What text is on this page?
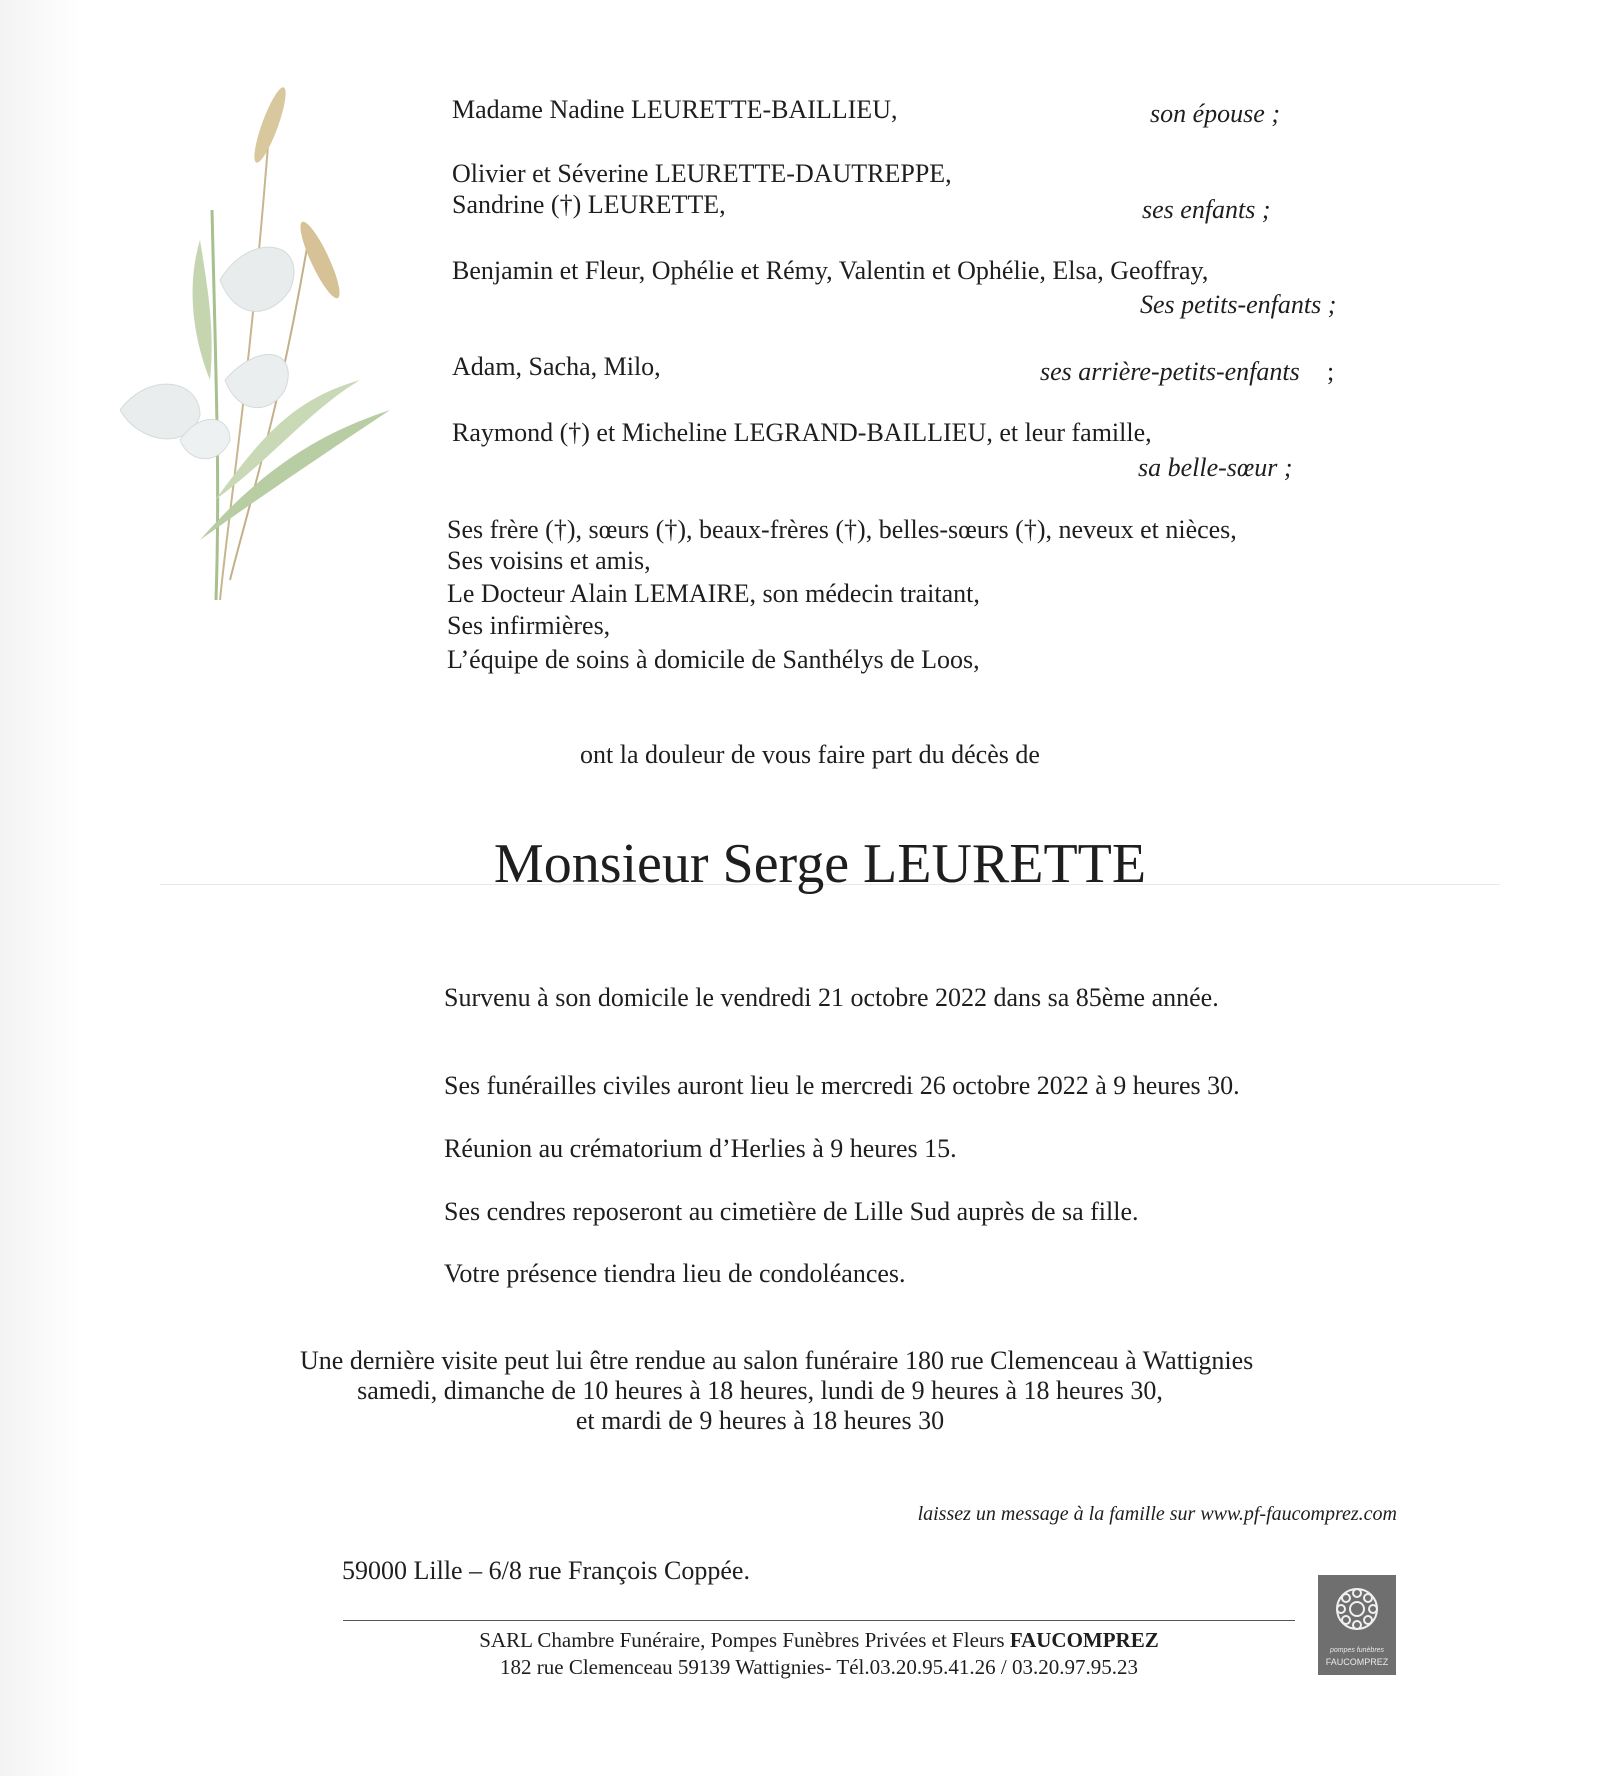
Madame Nadine LEURETTE-BAILLIEU,	son épouse ;
Olivier et Séverine LEURETTE-DAUTREPPE,
Sandrine (†) LEURETTE,	ses enfants ;
Benjamin et Fleur, Ophélie et Rémy, Valentin et Ophélie, Elsa, Geoffray,
Ses petits-enfants ;
Adam, Sacha, Milo,	ses arrière-petits-enfants ;
Raymond (†) et Micheline LEGRAND-BAILLIEU, et leur famille,
sa belle-sœur ;
Ses frère (†), sœurs (†), beaux-frères (†), belles-sœurs (†), neveux et nièces,
Ses voisins et amis,
Le Docteur Alain LEMAIRE, son médecin traitant,
Ses infirmières,
L’équipe de soins à domicile de Santhélys de Loos,
ont la douleur de vous faire part du décès de
Monsieur Serge LEURETTE
Survenu à son domicile le vendredi 21 octobre 2022 dans sa 85ème année.
Ses funérailles civiles auront lieu le mercredi 26 octobre 2022 à 9 heures 30.
Réunion au crématorium d’Herlies à 9 heures 15.
Ses cendres reposeront au cimetière de Lille Sud auprès de sa fille.
Votre présence tiendra lieu de condoléances.
Une dernière visite peut lui être rendue au salon funéraire 180 rue Clemenceau à Wattignies
samedi, dimanche de 10 heures à 18 heures, lundi de 9 heures à 18 heures 30,
et mardi de 9 heures à 18 heures 30
laissez un message à la famille sur www.pf-faucomprez.com
59000 Lille – 6/8 rue François Coppée.
SARL Chambre Funéraire, Pompes Funèbres Privées et Fleurs FAUCOMPREZ
182 rue Clemenceau 59139 Wattignies- Tél.03.20.95.41.26 / 03.20.97.95.23
pompes funèbres
FAUCOMPREZ
